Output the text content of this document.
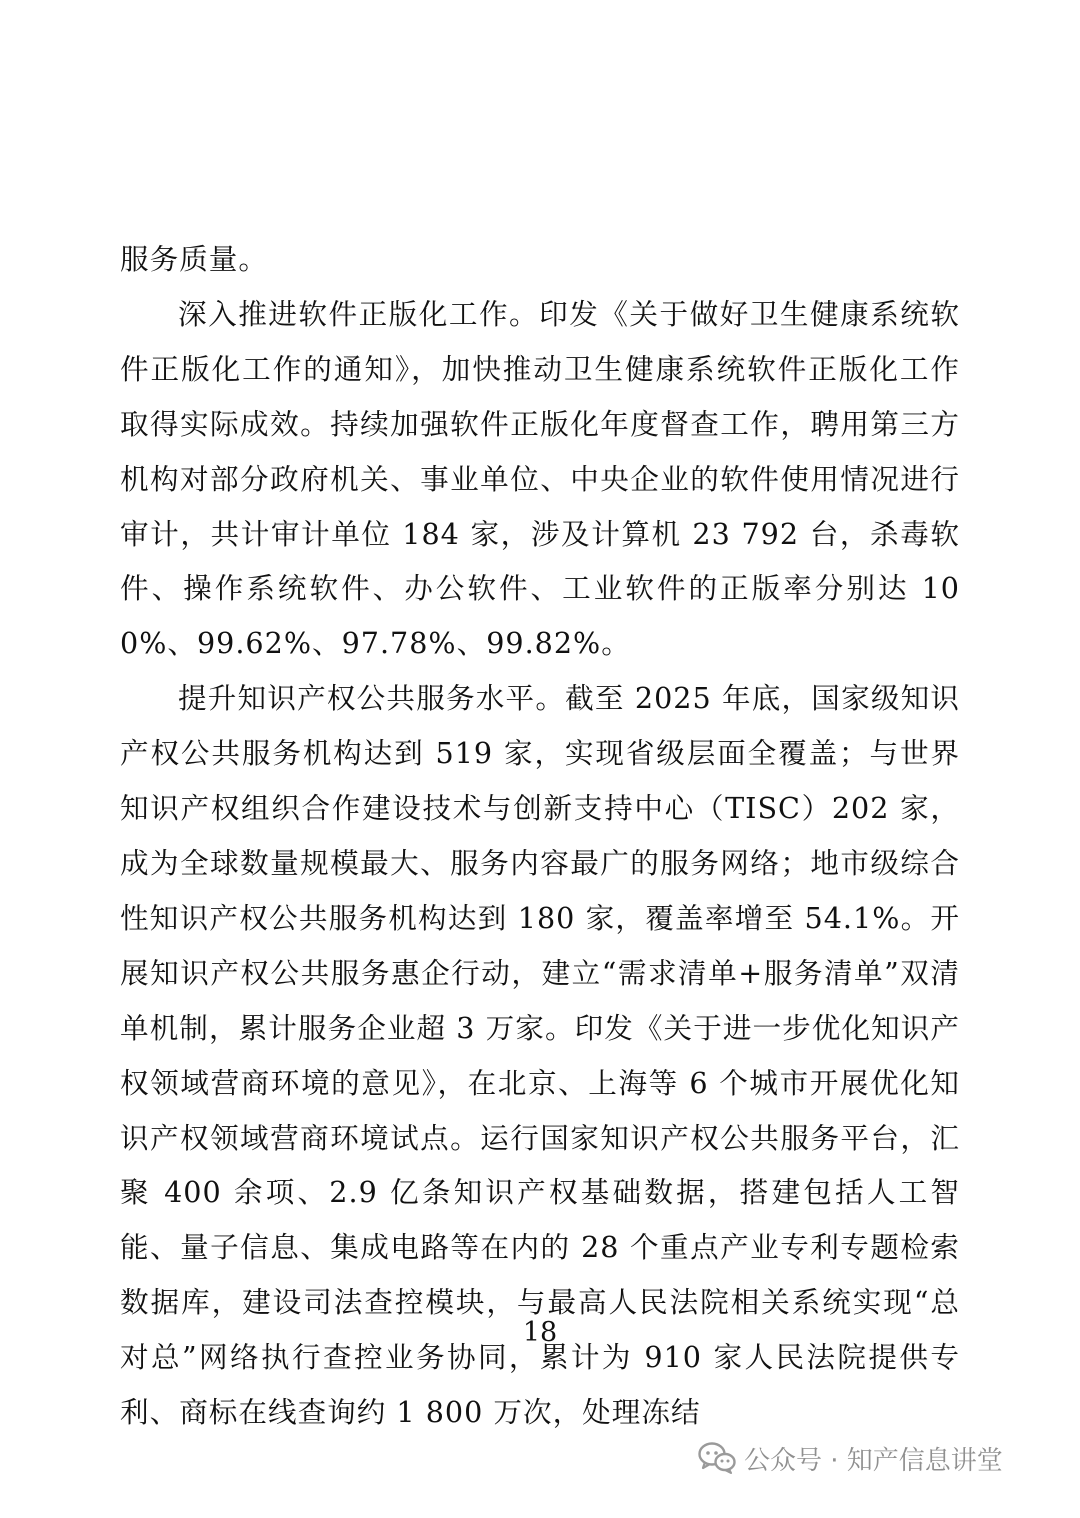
服务质量。

深入推进软件正版化工作。印发《关于做好卫生健康系统软件正版化工作的通知》，加快推动卫生健康系统软件正版化工作取得实际成效。持续加强软件正版化年度督查工作，聘用第三方机构对部分政府机关、事业单位、中央企业的软件使用情况进行审计，共计审计单位 184 家，涉及计算机 23 792 台，杀毒软件、操作系统软件、办公软件、工业软件的正版率分别达 100%、99.62%、97.78%、99.82%。

提升知识产权公共服务水平。截至 2025 年底，国家级知识产权公共服务机构达到 519 家，实现省级层面全覆盖；与世界知识产权组织合作建设技术与创新支持中心（TISC）202 家，成为全球数量规模最大、服务内容最广的服务网络；地市级综合性知识产权公共服务机构达到 180 家，覆盖率增至 54.1%。开展知识产权公共服务惠企行动，建立“需求清单+服务清单”双清单机制，累计服务企业超 3 万家。印发《关于进一步优化知识产权领域营商环境的意见》，在北京、上海等 6 个城市开展优化知识产权领域营商环境试点。运行国家知识产权公共服务平台，汇聚 400 余项、2.9 亿条知识产权基础数据，搭建包括人工智能、量子信息、集成电路等在内的 28 个重点产业专利专题检索数据库，建设司法查控模块，与最高人民法院相关系统实现“总对总”网络执行查控业务协同，累计为 910 家人民法院提供专利、商标在线查询约 1 800 万次，处理冻结

18
公众号 · 知产信息讲堂
